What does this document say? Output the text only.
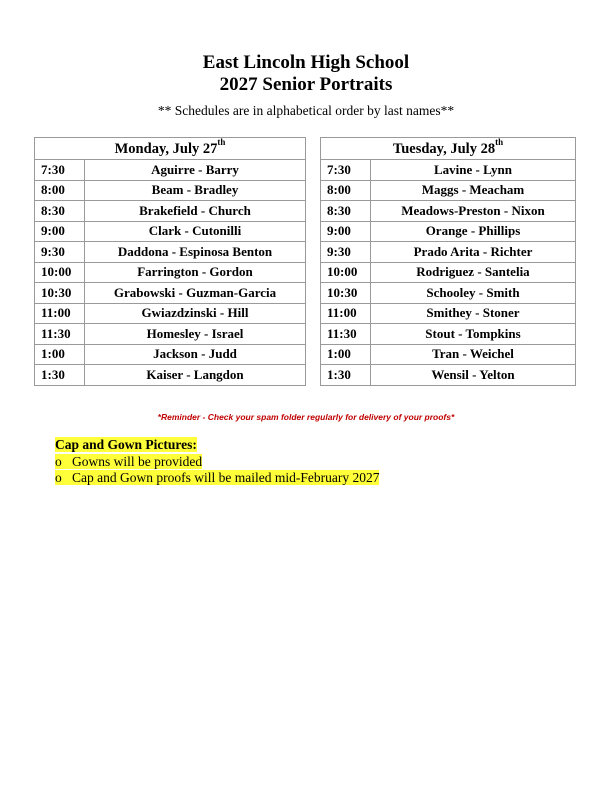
East Lincoln High School
2027 Senior Portraits
** Schedules are in alphabetical order by last names**
Monday, July 27th
7:30	Aguirre - Barry
8:00	Beam - Bradley
8:30	Brakefield - Church
9:00	Clark - Cutonilli
9:30	Daddona - Espinosa Benton
10:00	Farrington - Gordon
10:30	Grabowski - Guzman-Garcia
11:00	Gwiazdzinski - Hill
11:30	Homesley - Israel
1:00	Jackson - Judd
1:30	Kaiser - Langdon
Tuesday, July 28th
7:30	Lavine - Lynn
8:00	Maggs - Meacham
8:30	Meadows-Preston - Nixon
9:00	Orange - Phillips
9:30	Prado Arita - Richter
10:00	Rodriguez - Santelia
10:30	Schooley - Smith
11:00	Smithey - Stoner
11:30	Stout - Tompkins
1:00	Tran - Weichel
1:30	Wensil - Yelton
*Reminder - Check your spam folder regularly for delivery of your proofs*
Cap and Gown Pictures:
o Gowns will be provided
o Cap and Gown proofs will be mailed mid-February 2027
